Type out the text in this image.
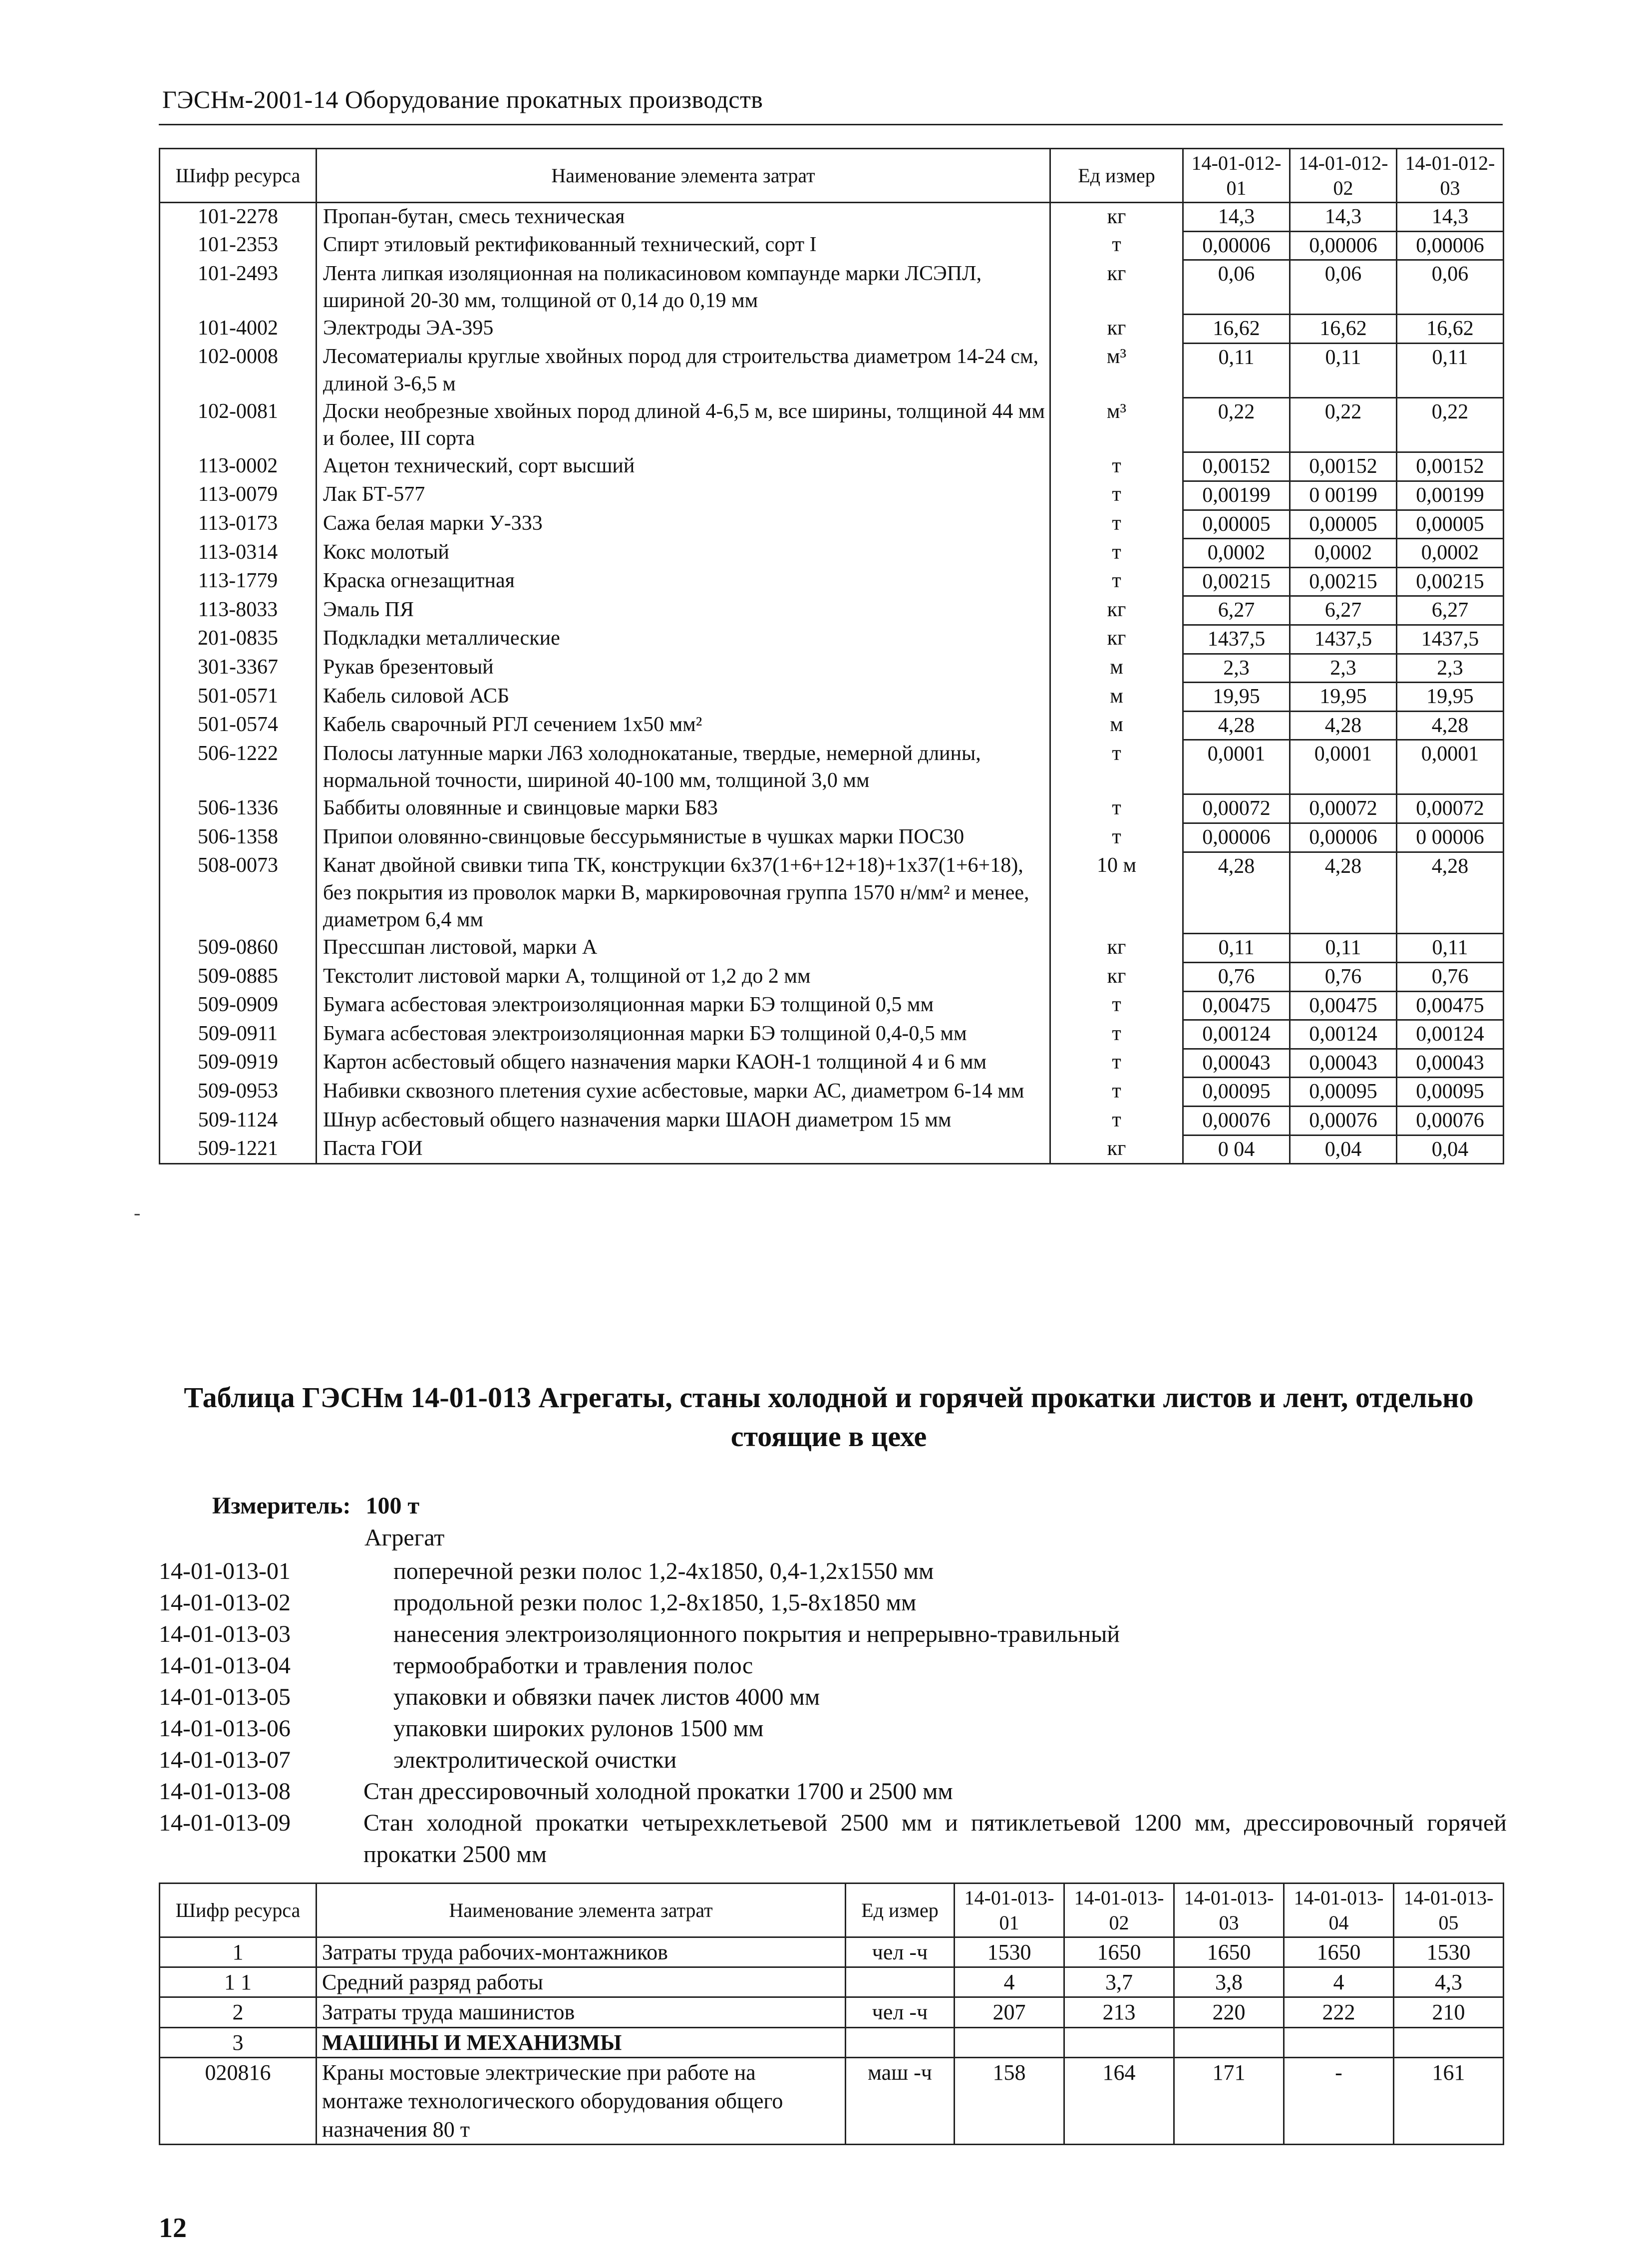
ГЭСНм-2001-14 Оборудование прокатных производств
Шифр ресурса	Наименование элемента затрат	Ед измер	14-01-012-01	14-01-012-02	14-01-012-03
101-2278	Пропан-бутан, смесь техническая	кг	14,3	14,3	14,3
101-2353	Спирт этиловый ректификованный технический, сорт I	т	0,00006	0,00006	0,00006
101-2493	Лента липкая изоляционная на поликасиновом компаунде марки ЛСЭПЛ, шириной 20-30 мм, толщиной от 0,14 до 0,19 мм	кг	0,06	0,06	0,06
101-4002	Электроды ЭА-395	кг	16,62	16,62	16,62
102-0008	Лесоматериалы круглые хвойных пород для строительства диаметром 14-24 см, длиной 3-6,5 м	м³	0,11	0,11	0,11
102-0081	Доски необрезные хвойных пород длиной 4-6,5 м, все ширины, толщиной 44 мм и более, III сорта	м³	0,22	0,22	0,22
113-0002	Ацетон технический, сорт высший	т	0,00152	0,00152	0,00152
113-0079	Лак БТ-577	т	0,00199	0 00199	0,00199
113-0173	Сажа белая марки У-333	т	0,00005	0,00005	0,00005
113-0314	Кокс молотый	т	0,0002	0,0002	0,0002
113-1779	Краска огнезащитная	т	0,00215	0,00215	0,00215
113-8033	Эмаль ПЯ	кг	6,27	6,27	6,27
201-0835	Подкладки металлические	кг	1437,5	1437,5	1437,5
301-3367	Рукав брезентовый	м	2,3	2,3	2,3
501-0571	Кабель силовой АСБ	м	19,95	19,95	19,95
501-0574	Кабель сварочный РГЛ сечением 1x50 мм²	м	4,28	4,28	4,28
506-1222	Полосы латунные марки Л63 холоднокатаные, твердые, немерной длины, нормальной точности, шириной 40-100 мм, толщиной 3,0 мм	т	0,0001	0,0001	0,0001
506-1336	Баббиты оловянные и свинцовые марки Б83	т	0,00072	0,00072	0,00072
506-1358	Припои оловянно-свинцовые бессурьмянистые в чушках марки ПОС30	т	0,00006	0,00006	0 00006
508-0073	Канат двойной свивки типа ТК, конструкции 6x37(1+6+12+18)+1x37(1+6+18), без покрытия из проволок марки В, маркировочная группа 1570 н/мм² и менее, диаметром 6,4 мм	10 м	4,28	4,28	4,28
509-0860	Прессшпан листовой, марки А	кг	0,11	0,11	0,11
509-0885	Текстолит листовой марки А, толщиной от 1,2 до 2 мм	кг	0,76	0,76	0,76
509-0909	Бумага асбестовая электроизоляционная марки БЭ толщиной 0,5 мм	т	0,00475	0,00475	0,00475
509-0911	Бумага асбестовая электроизоляционная марки БЭ толщиной 0,4-0,5 мм	т	0,00124	0,00124	0,00124
509-0919	Картон асбестовый общего назначения марки КАОН-1 толщиной 4 и 6 мм	т	0,00043	0,00043	0,00043
509-0953	Набивки сквозного плетения сухие асбестовые, марки АС, диаметром 6-14 мм	т	0,00095	0,00095	0,00095
509-1124	Шнур асбестовый общего назначения марки ШАОН диаметром 15 мм	т	0,00076	0,00076	0,00076
509-1221	Паста ГОИ	кг	0 04	0,04	0,04
-
Таблица ГЭСНм 14-01-013 Агрегаты, станы холодной и горячей прокатки листов и лент, отдельно стоящие в цехе
Измеритель: 100 т
Агрегат
14-01-013-01	поперечной резки полос 1,2-4x1850, 0,4-1,2x1550 мм
14-01-013-02	продольной резки полос 1,2-8x1850, 1,5-8x1850 мм
14-01-013-03	нанесения электроизоляционного покрытия и непрерывно-травильный
14-01-013-04	термообработки и травления полос
14-01-013-05	упаковки и обвязки пачек листов 4000 мм
14-01-013-06	упаковки широких рулонов 1500 мм
14-01-013-07	электролитической очистки
14-01-013-08	Стан дрессировочный холодной прокатки 1700 и 2500 мм
14-01-013-09	Стан холодной прокатки четырехклетьевой 2500 мм и пятиклетьевой 1200 мм, дрессировочный горячей прокатки 2500 мм
Шифр ресурса	Наименование элемента затрат	Ед измер	14-01-013-01	14-01-013-02	14-01-013-03	14-01-013-04	14-01-013-05
1	Затраты труда рабочих-монтажников	чел -ч	1530	1650	1650	1650	1530
1 1	Средний разряд работы		4	3,7	3,8	4	4,3
2	Затраты труда машинистов	чел -ч	207	213	220	222	210
3	МАШИНЫ И МЕХАНИЗМЫ						
020816	Краны мостовые электрические при работе на монтаже технологического оборудования общего назначения 80 т	маш -ч	158	164	171	-	161
12
